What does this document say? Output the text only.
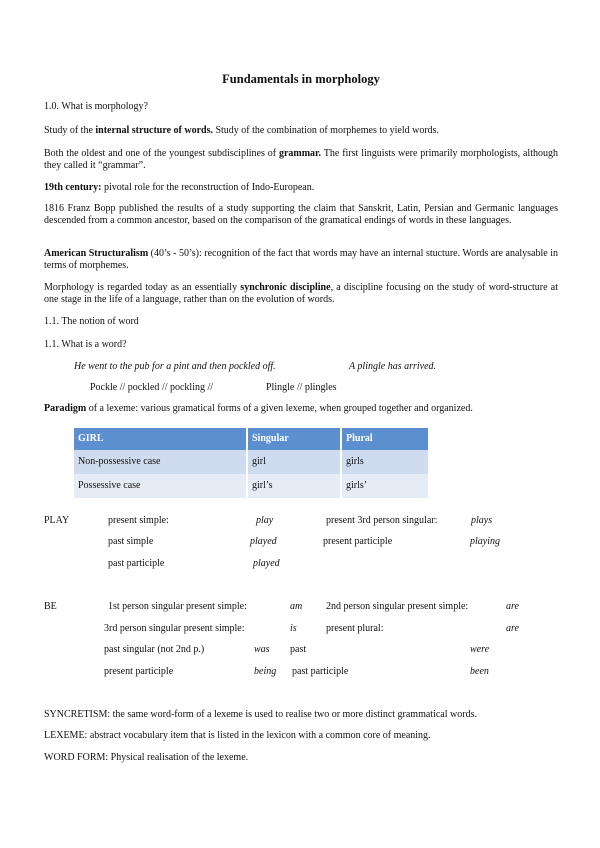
Fundamentals in morphology
1.0. What is morphology?
Study of the internal structure of words. Study of the combination of morphemes to yield words.
Both the oldest and one of the youngest subdisciplines of grammar. The first linguists were primarily morphologists, although they called it “grammar”.
19th century: pivotal role for the reconstruction of Indo-European.
1816 Franz Bopp published the results of a study supporting the claim that Sanskrit, Latin, Persian and Germanic languages descended from a common ancestor, based on the comparison of the gramatical endings of words in these languages.
American Structuralism (40’s - 50’s): recognition of the fact that words may have an internal stucture. Words are analysable in terms of morphemes.
Morphology is regarded today as an essentially synchronic discipline, a discipline focusing on the study of word-structure at one stage in the life of a language, rather than on the evolution of words.
1.1. The notion of word
1.1. What is a word?
He went to the pub for a pint and then pockled off.	A plingle has arrived.
Pockle // pockled // pockling //	Plingle // plingles
Paradigm of a lexeme: various gramatical forms of a given lexeme, when grouped together and organized.
GIRL	Singular	Plural
Non-possessive case	girl	girls
Possessive case	girl’s	girls’
PLAY	present simple:	play	present 3rd person singular:	plays
past simple	played	present participle	playing
past participle	played
BE	1st person singular present simple:	am 2nd person singular present simple:	are
3rd person singular present simple:	is	present plural:	are
past singular (not 2nd p.)	was past	were
present participle	being past participle	been
SYNCRETISM: the same word-form of a lexeme is used to realise two or more distinct grammatical words.
LEXEME: abstract vocabulary item that is listed in the lexicon with a common core of meaning.
WORD FORM: Physical realisation of the lexeme.
